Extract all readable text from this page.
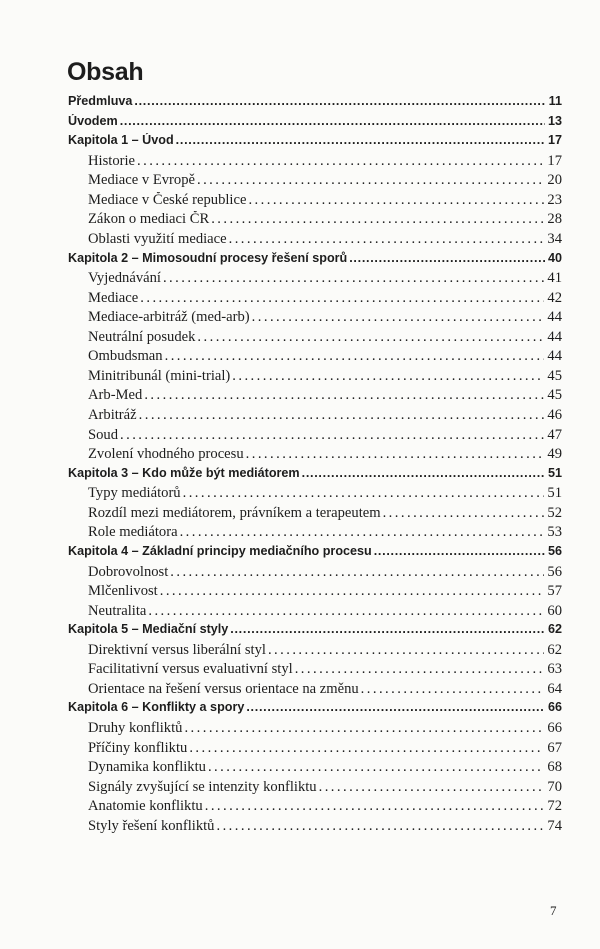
Obsah
Předmluva . . .	11
Úvodem . . .	13
Kapitola 1 – Úvod . . .	17
Historie . . .	17
Mediace v Evropě . . .	20
Mediace v České republice . . .	23
Zákon o mediaci ČR . . .	28
Oblasti využití mediace . . .	34
Kapitola 2 – Mimosoudní procesy řešení sporů . . .	40
Vyjednávání . . .	41
Mediace . . .	42
Mediace-arbitráž (med-arb) . . .	44
Neutrální posudek . . .	44
Ombudsman . . .	44
Minitribunál (mini-trial) . . .	45
Arb-Med . . .	45
Arbitráž . . .	46
Soud . . .	47
Zvolení vhodného procesu . . .	49
Kapitola 3 – Kdo může být mediátorem . . .	51
Typy mediátorů . . .	51
Rozdíl mezi mediátorem, právníkem a terapeutem . . .	52
Role mediátora . . .	53
Kapitola 4 – Základní principy mediačního procesu . . .	56
Dobrovolnost . . .	56
Mlčenlivost . . .	57
Neutralita . . .	60
Kapitola 5 – Mediační styly . . .	62
Direktivní versus liberální styl . . .	62
Facilitativní versus evaluativní styl . . .	63
Orientace na řešení versus orientace na změnu . . .	64
Kapitola 6 – Konflikty a spory . . .	66
Druhy konfliktů . . .	66
Příčiny konfliktu . . .	67
Dynamika konfliktu . . .	68
Signály zvyšující se intenzity konfliktu . . .	70
Anatomie konfliktu . . .	72
Styly řešení konfliktů . . .	74
7
